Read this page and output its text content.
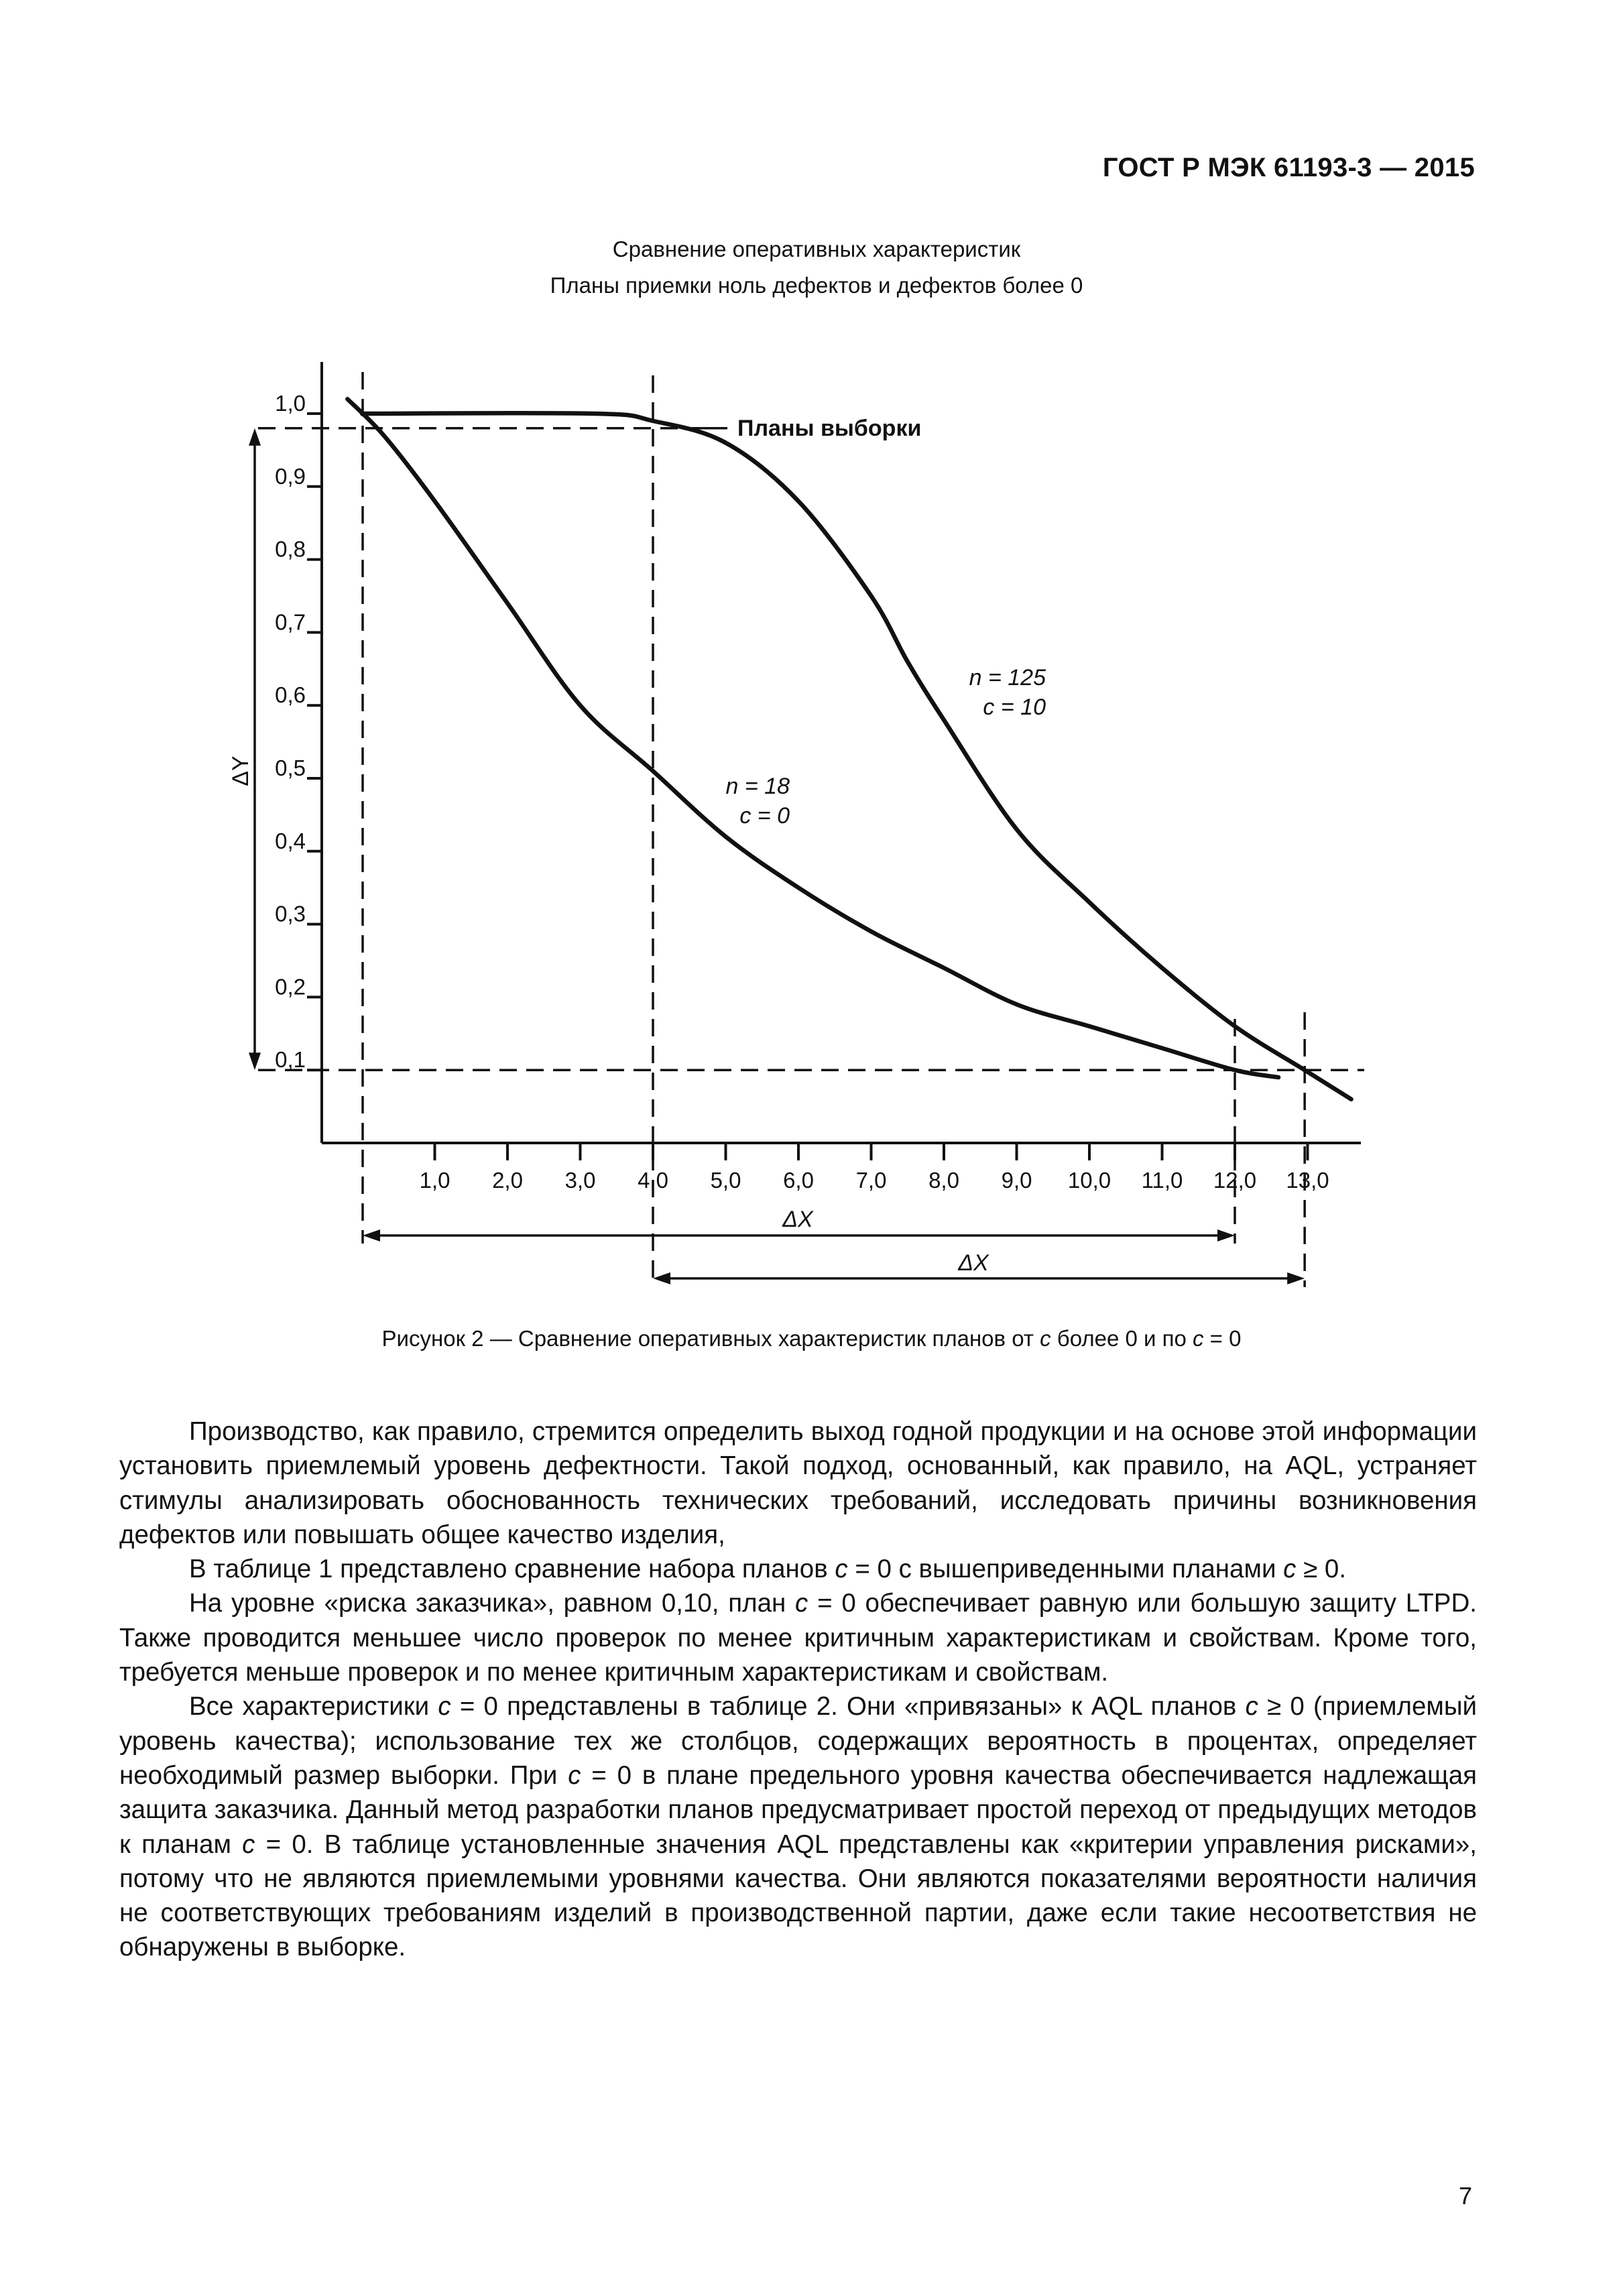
ГОСТ Р МЭК 61193-3 — 2015
Сравнение оперативных характеристик
Планы приемки ноль дефектов и дефектов более 0
0,1
0,2
0,3
0,4
0,5
0,6
0,7
0,8
0,9
1,0
1,0 2,0 3,0 4,0 5,0 6,0 7,0 8,0 9,0 10,0 11,0 12,0 13,0
ΔY
ΔX
ΔX
Планы выборки
n = 125
c = 10
n = 18
c = 0
Рисунок 2 — Сравнение оперативных характеристик планов от c более 0 и по c = 0

Производство, как правило, стремится определить выход годной продукции и на основе этой информации установить приемлемый уровень дефектности. Такой подход, основанный, как правило, на AQL, устраняет стимулы анализировать обоснованность технических требований, исследовать причины возникновения дефектов или повышать общее качество изделия,

В таблице 1 представлено сравнение набора планов c = 0 с вышеприведенными планами c ≥ 0.

На уровне «риска заказчика», равном 0,10, план c = 0 обеспечивает равную или большую защиту LTPD. Также проводится меньшее число проверок по менее критичным характеристикам и свойствам. Кроме того, требуется меньше проверок и по менее критичным характеристикам и свойствам.

Все характеристики c = 0 представлены в таблице 2. Они «привязаны» к AQL планов c ≥ 0 (приемлемый уровень качества); использование тех же столбцов, содержащих вероятность в процентах, определяет необходимый размер выборки. При c = 0 в плане предельного уровня качества обеспечивается надлежащая защита заказчика. Данный метод разработки планов предусматривает простой переход от предыдущих методов к планам c = 0. В таблице установленные значения AQL представлены как «критерии управления рисками», потому что не являются приемлемыми уровнями качества. Они являются показателями вероятности наличия не соответствующих требованиям изделий в производственной партии, даже если такие несоответствия не обнаружены в выборке.

7
